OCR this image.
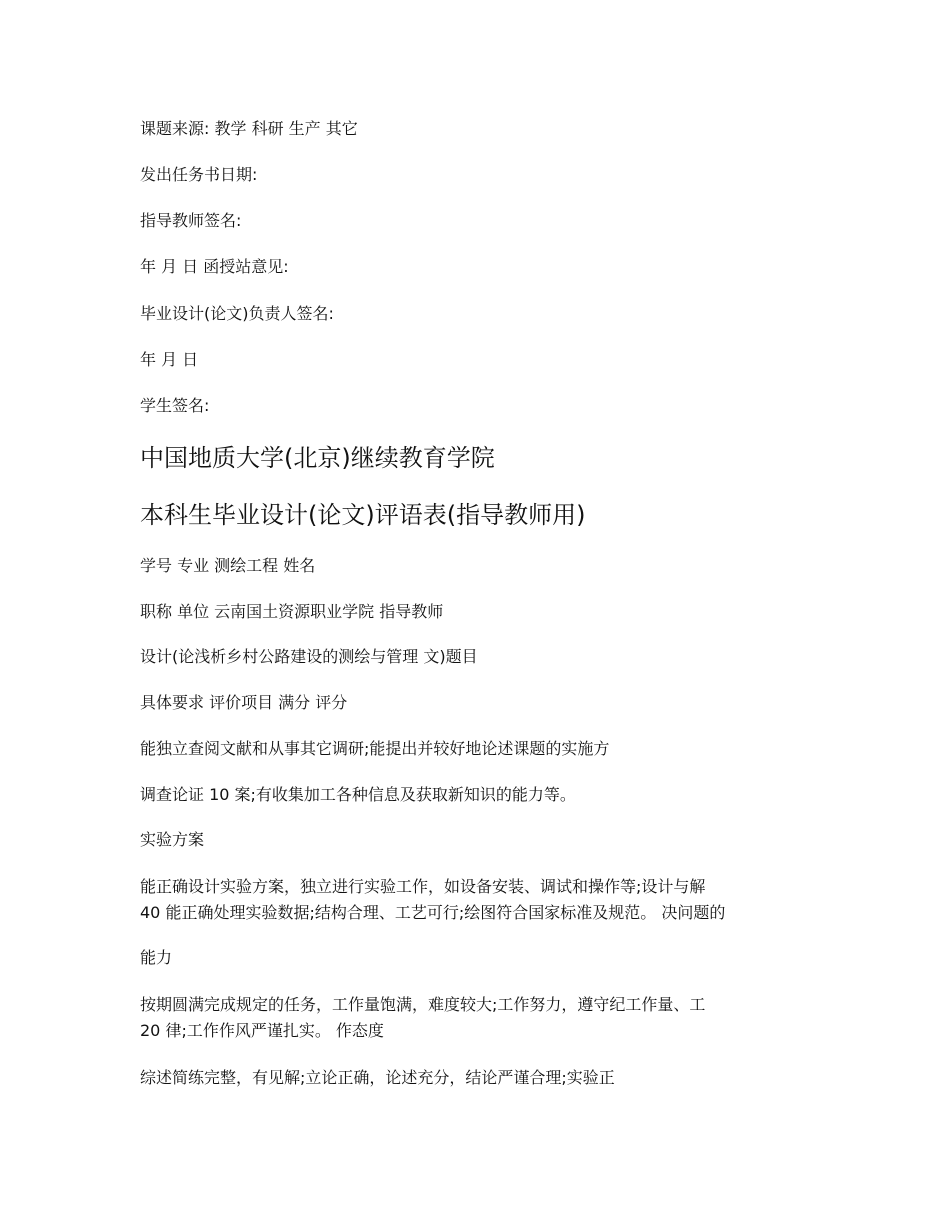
课题来源: 教学 科研 生产 其它

发出任务书日期:

指导教师签名:

年 月 日 函授站意见:

毕业设计(论文)负责人签名:

年 月 日

学生签名:

中国地质大学(北京)继续教育学院
本科生毕业设计(论文)评语表(指导教师用)

学号 专业 测绘工程 姓名

职称 单位 云南国土资源职业学院 指导教师

设计(论浅析乡村公路建设的测绘与管理 文)题目

具体要求 评价项目 满分 评分

能独立查阅文献和从事其它调研;能提出并较好地论述课题的实施方

调查论证 10 案;有收集加工各种信息及获取新知识的能力等。

实验方案

能正确设计实验方案，独立进行实验工作，如设备安装、调试和操作等;设计与解

40 能正确处理实验数据;结构合理、工艺可行;绘图符合国家标准及规范。 决问题的

能力

按期圆满完成规定的任务，工作量饱满，难度较大;工作努力，遵守纪工作量、工

20 律;工作作风严谨扎实。 作态度

综述简练完整，有见解;立论正确，论述充分，结论严谨合理;实验正
